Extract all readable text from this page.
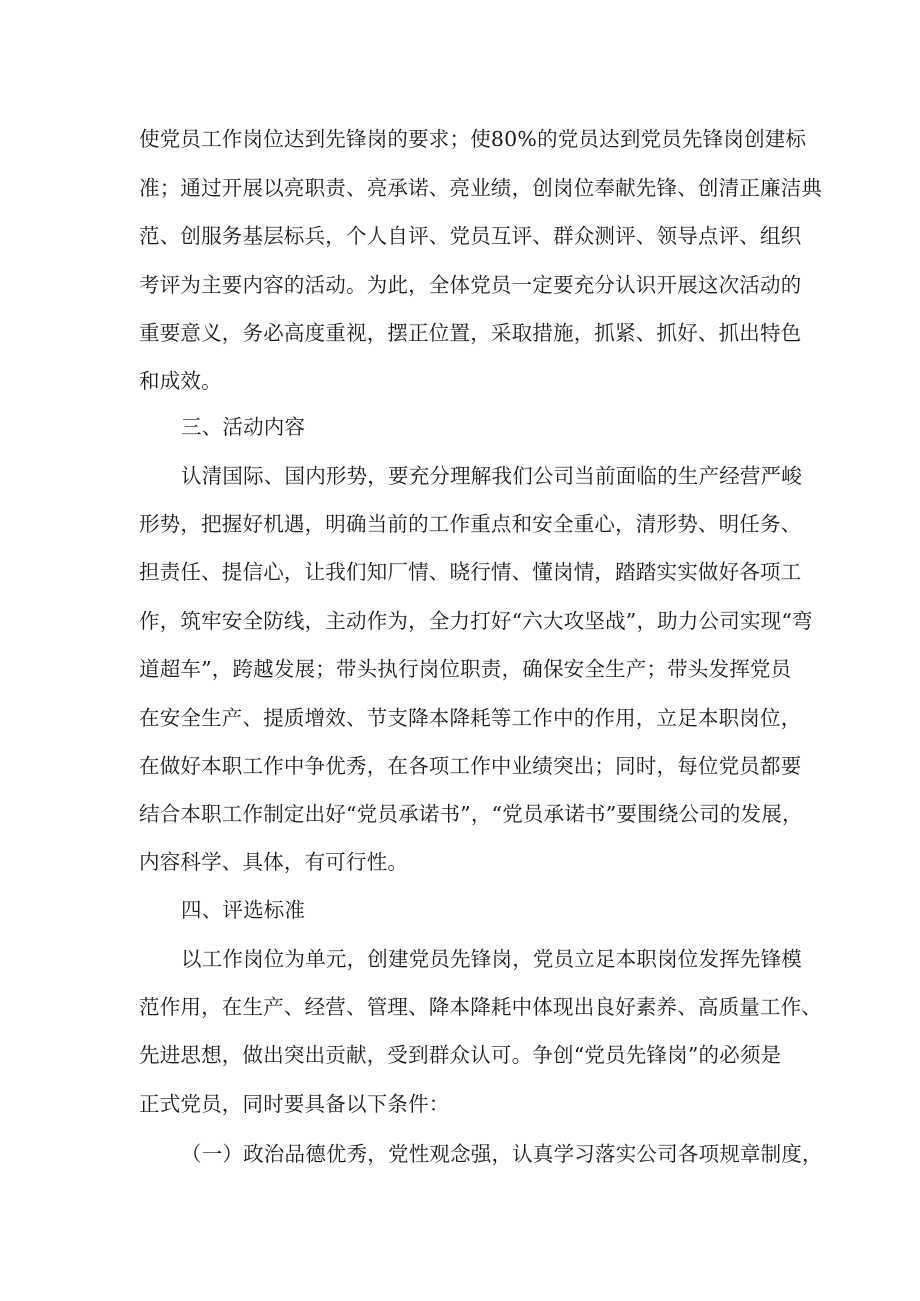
使党员工作岗位达到先锋岗的要求；使80%的党员达到党员先锋岗创建标
准；通过开展以亮职责、亮承诺、亮业绩，创岗位奉献先锋、创清正廉洁典
范、创服务基层标兵，个人自评、党员互评、群众测评、领导点评、组织
考评为主要内容的活动。为此，全体党员一定要充分认识开展这次活动的
重要意义，务必高度重视，摆正位置，采取措施，抓紧、抓好、抓出特色
和成效。
三、活动内容
认清国际、国内形势，要充分理解我们公司当前面临的生产经营严峻
形势，把握好机遇，明确当前的工作重点和安全重心，清形势、明任务、
担责任、提信心，让我们知厂情、晓行情、懂岗情，踏踏实实做好各项工
作，筑牢安全防线，主动作为，全力打好“六大攻坚战”，助力公司实现“弯
道超车”，跨越发展；带头执行岗位职责，确保安全生产；带头发挥党员
在安全生产、提质增效、节支降本降耗等工作中的作用，立足本职岗位，
在做好本职工作中争优秀，在各项工作中业绩突出；同时，每位党员都要
结合本职工作制定出好“党员承诺书”，“党员承诺书”要围绕公司的发展，
内容科学、具体，有可行性。
四、评选标准
以工作岗位为单元，创建党员先锋岗，党员立足本职岗位发挥先锋模
范作用，在生产、经营、管理、降本降耗中体现出良好素养、高质量工作、
先进思想，做出突出贡献，受到群众认可。争创“党员先锋岗”的必须是
正式党员，同时要具备以下条件：
（一）政治品德优秀，党性观念强，认真学习落实公司各项规章制度，
